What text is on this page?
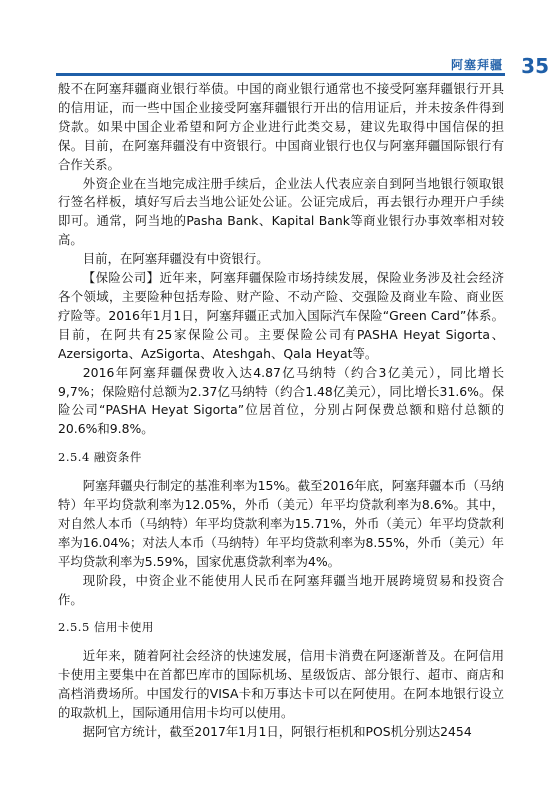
阿塞拜疆 35

般不在阿塞拜疆商业银行举债。中国的商业银行通常也不接受阿塞拜疆银行开具的信用证，而一些中国企业接受阿塞拜疆银行开出的信用证后，并未按条件得到贷款。如果中国企业希望和阿方企业进行此类交易，建议先取得中国信保的担保。目前，在阿塞拜疆没有中资银行。中国商业银行也仅与阿塞拜疆国际银行有合作关系。

外资企业在当地完成注册手续后，企业法人代表应亲自到阿当地银行领取银行签名样板，填好写后去当地公证处公证。公证完成后，再去银行办理开户手续即可。通常，阿当地的Pasha Bank、Kapital Bank等商业银行办事效率相对较高。

目前，在阿塞拜疆没有中资银行。

【保险公司】近年来，阿塞拜疆保险市场持续发展，保险业务涉及社会经济各个领域，主要险种包括寿险、财产险、不动产险、交强险及商业车险、商业医疗险等。2016年1月1日，阿塞拜疆正式加入国际汽车保险“Green Card”体系。目前，在阿共有25家保险公司。主要保险公司有PASHA Heyat Sigorta、Azersigorta、AzSigorta、Ateshgah、Qala Heyat等。

2016年阿塞拜疆保费收入达4.87亿马纳特（约合3亿美元），同比增长9,7%；保险赔付总额为2.37亿马纳特（约合1.48亿美元），同比增长31.6%。保险公司“PASHA Heyat Sigorta”位居首位，分别占阿保费总额和赔付总额的20.6%和9.8%。

2.5.4 融资条件

阿塞拜疆央行制定的基准利率为15%。截至2016年底，阿塞拜疆本币（马纳特）年平均贷款利率为12.05%，外币（美元）年平均贷款利率为8.6%。其中，对自然人本币（马纳特）年平均贷款利率为15.71%，外币（美元）年平均贷款利率为16.04%；对法人本币（马纳特）年平均贷款利率为8.55%，外币（美元）年平均贷款利率为5.59%，国家优惠贷款利率为4%。

现阶段，中资企业不能使用人民币在阿塞拜疆当地开展跨境贸易和投资合作。

2.5.5 信用卡使用

近年来，随着阿社会经济的快速发展，信用卡消费在阿逐渐普及。在阿信用卡使用主要集中在首都巴库市的国际机场、星级饭店、部分银行、超市、商店和高档消费场所。中国发行的VISA卡和万事达卡可以在阿使用。在阿本地银行设立的取款机上，国际通用信用卡均可以使用。

据阿官方统计，截至2017年1月1日，阿银行柜机和POS机分别达2454
